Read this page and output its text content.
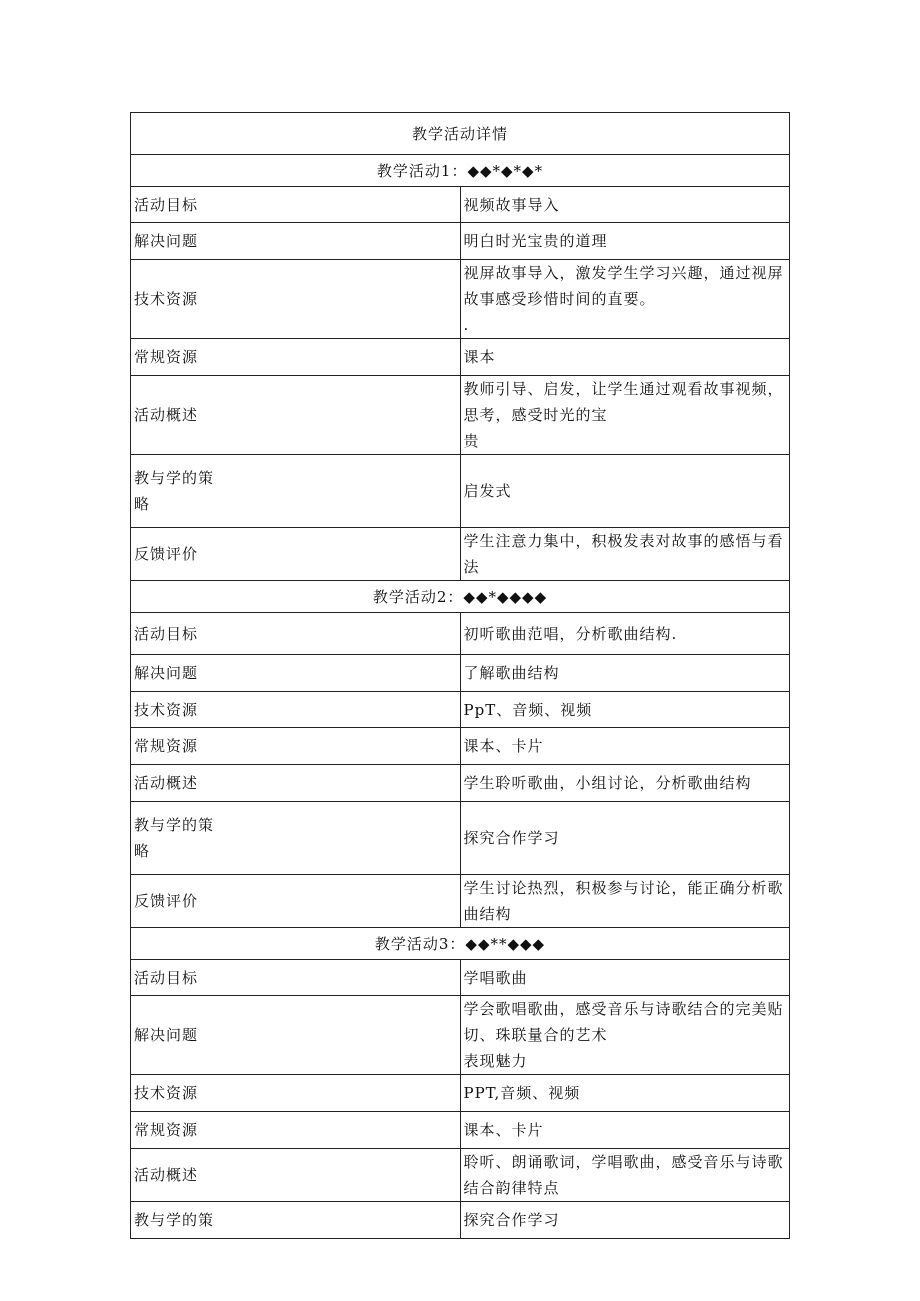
教学活动详情	
教学活动1：◆◆*◆*◆*	
活动目标	视频故事导入
解决问题	明白时光宝贵的道理
技术资源	视屏故事导入，激发学生学习兴趣，通过视屏故事感受珍惜时间的直要。
.
常规资源	课本
活动概述	教师引导、启发，让学生通过观看故事视频，思考，感受时光的宝
贵
教与学的策
略	启发式
反馈评价	学生注意力集中，积极发表对故事的感悟与看法
教学活动2：◆◆*◆◆◆◆	
活动目标	初听歌曲范唱，分析歌曲结构.
解决问题	了解歌曲结构
技术资源	PpT、音频、视频
常规资源	课本、卡片
活动概述	学生聆听歌曲，小组讨论，分析歌曲结构
教与学的策
略	探究合作学习
反馈评价	学生讨论热烈，积极参与讨论，能正确分析歌曲结构
教学活动3：◆◆**◆◆◆	
活动目标	学唱歌曲
解决问题	学会歌唱歌曲，感受音乐与诗歌结合的完美贴切、珠联量合的艺术
表现魅力
技术资源	PPT,音频、视频
常规资源	课本、卡片
活动概述	聆听、朗诵歌词，学唱歌曲，感受音乐与诗歌结合韵律特点
教与学的策	探究合作学习
